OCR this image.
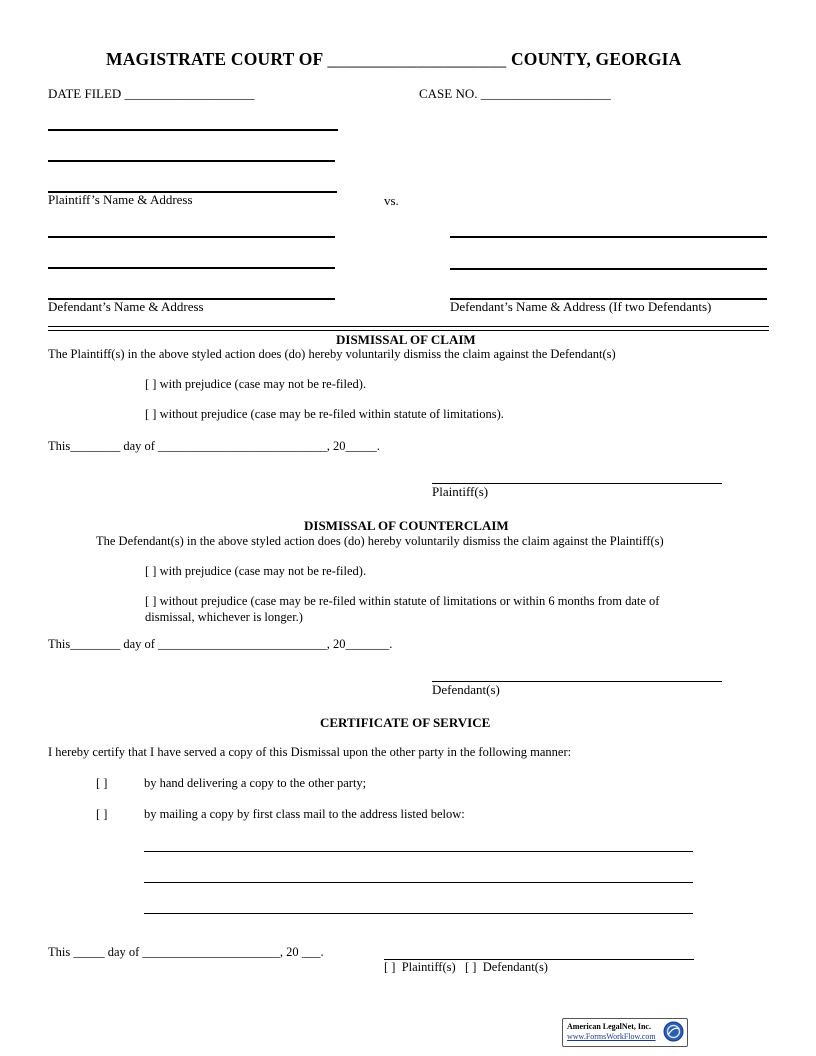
MAGISTRATE COURT OF ____________________ COUNTY, GEORGIA
DATE FILED ____________________	CASE NO. ____________________
Plaintiff’s Name & Address	vs.
Defendant’s Name & Address	Defendant’s Name & Address (If two Defendants)
DISMISSAL OF CLAIM
The Plaintiff(s) in the above styled action does (do) hereby voluntarily dismiss the claim against the Defendant(s)
[ ] with prejudice (case may not be re-filed).
[ ] without prejudice (case may be re-filed within statute of limitations).
This________ day of ___________________________, 20_____.
Plaintiff(s)
DISMISSAL OF COUNTERCLAIM
The Defendant(s) in the above styled action does (do) hereby voluntarily dismiss the claim against the Plaintiff(s)
[ ] with prejudice (case may not be re-filed).
[ ] without prejudice (case may be re-filed within statute of limitations or within 6 months from date of
dismissal, whichever is longer.)
This________ day of ___________________________, 20_______.
Defendant(s)
CERTIFICATE OF SERVICE
I hereby certify that I have served a copy of this Dismissal upon the other party in the following manner:
[ ]	by hand delivering a copy to the other party;
[ ]	by mailing a copy by first class mail to the address listed below:
This _____ day of ______________________, 20 ___.
[ ] Plaintiff(s) [ ] Defendant(s)
American LegalNet, Inc.
www.FormsWorkFlow.com
